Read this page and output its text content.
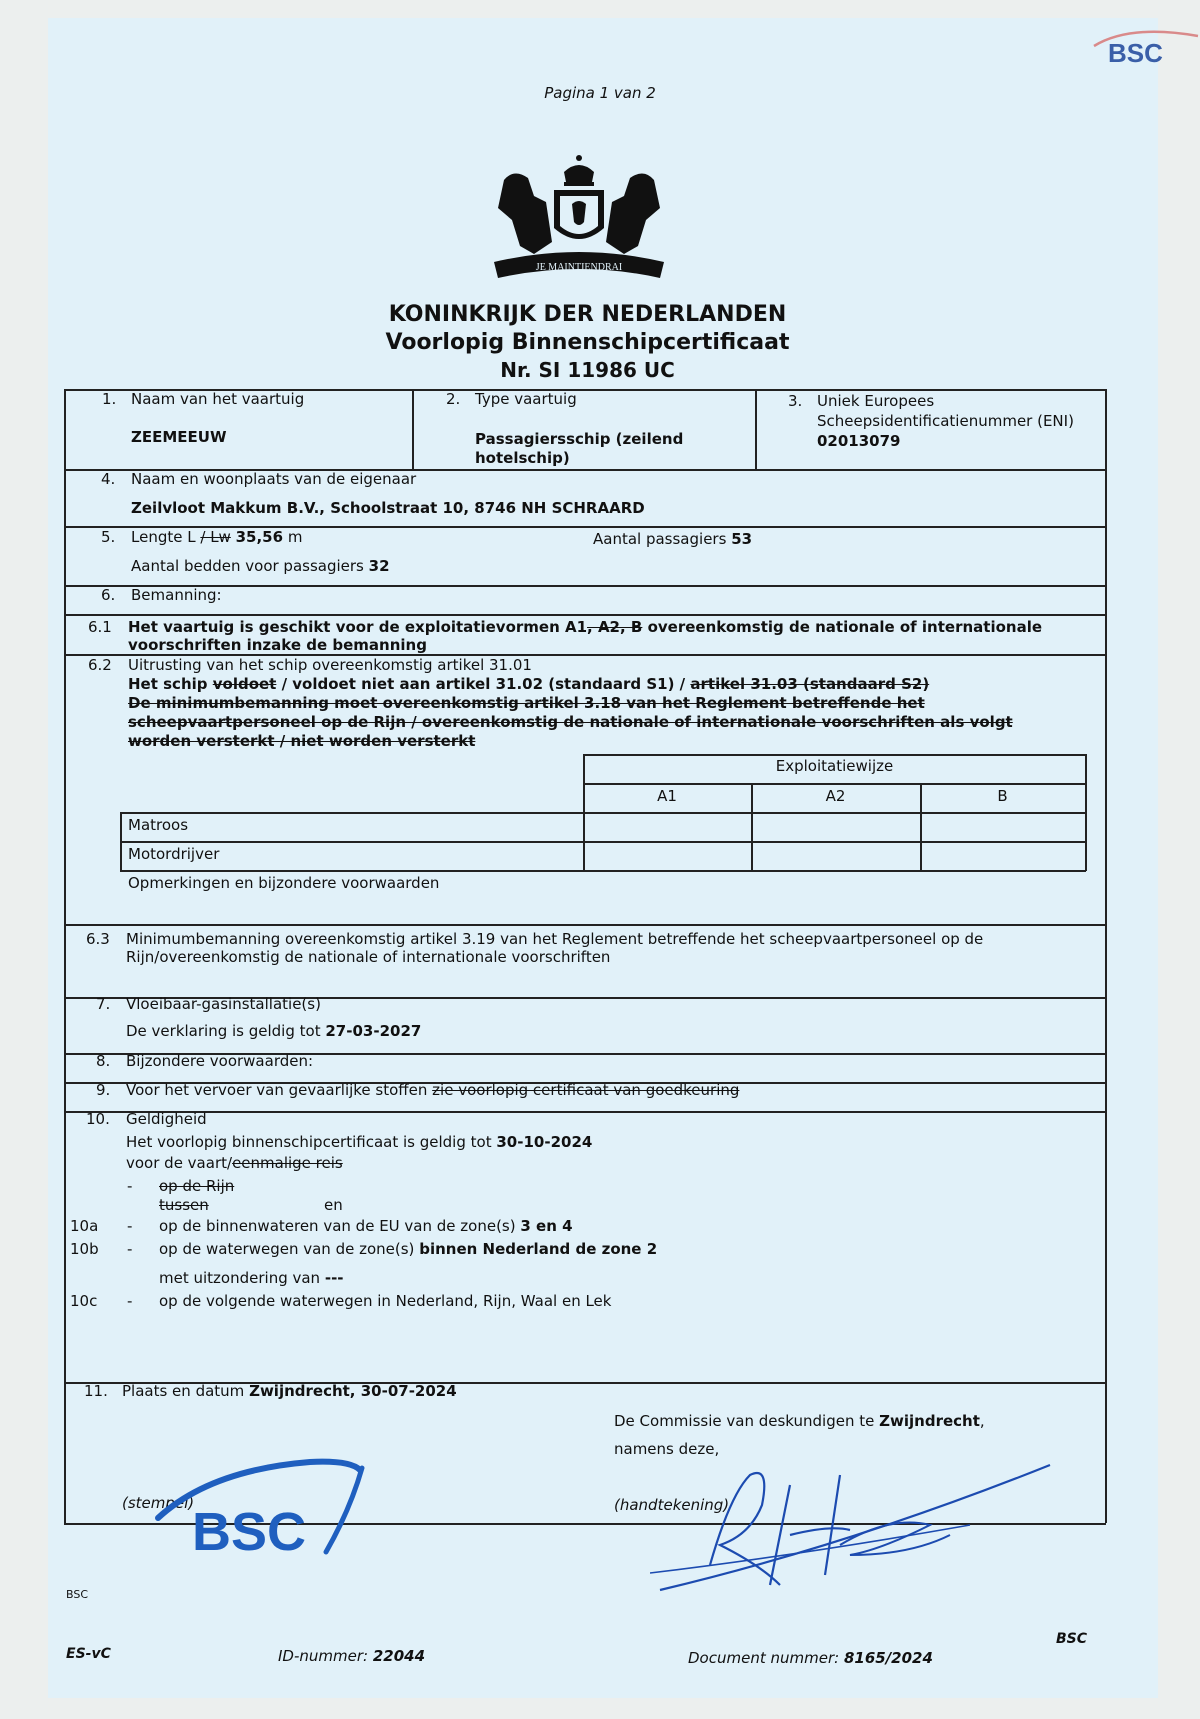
BSC
Pagina 1 van 2
JE MAINTIENDRAI
KONINKRIJK DER NEDERLANDEN
Voorlopig Binnenschipcertificaat
Nr. SI 11986 UC
1. Naam van het vaartuig
ZEEMEEUW
2. Type vaartuig
Passagiersschip (zeilend
hotelschip)
3. Uniek Europees
Scheepsidentificatienummer (ENI)
02013079
4. Naam en woonplaats van de eigenaar
Zeilvloot Makkum B.V., Schoolstraat 10, 8746 NH SCHRAARD
5. Lengte L / Lw 35,56 m	Aantal passagiers 53
Aantal bedden voor passagiers 32
6. Bemanning:
6.1 Het vaartuig is geschikt voor de exploitatievormen A1, A2, B overeenkomstig de nationale of internationale
voorschriften inzake de bemanning
6.2 Uitrusting van het schip overeenkomstig artikel 31.01
Het schip voldoet / voldoet niet aan artikel 31.02 (standaard S1) / artikel 31.03 (standaard S2)
De minimumbemanning moet overeenkomstig artikel 3.18 van het Reglement betreffende het
scheepvaartpersoneel op de Rijn / overeenkomstig de nationale of internationale voorschriften als volgt
worden versterkt / niet worden versterkt
Exploitatiewijze
A1	A2	B
Matroos
Motordrijver
Opmerkingen en bijzondere voorwaarden
6.3 Minimumbemanning overeenkomstig artikel 3.19 van het Reglement betreffende het scheepvaartpersoneel op de
Rijn/overeenkomstig de nationale of internationale voorschriften
7. Vloeibaar-gasinstallatie(s)
De verklaring is geldig tot 27-03-2027
8. Bijzondere voorwaarden:
9. Voor het vervoer van gevaarlijke stoffen zie voorlopig certificaat van goedkeuring
10. Geldigheid
Het voorlopig binnenschipcertificaat is geldig tot 30-10-2024
voor de vaart/eenmalige reis
- op de Rijn
tussen	en
10a - op de binnenwateren van de EU van de zone(s) 3 en 4
10b - op de waterwegen van de zone(s) binnen Nederland de zone 2
met uitzondering van ---
10c - op de volgende waterwegen in Nederland, Rijn, Waal en Lek
11. Plaats en datum Zwijndrecht, 30-07-2024
De Commissie van deskundigen te Zwijndrecht,
namens deze,
(stempel)	(handtekening)
BSC
BSC
ES-vC	ID-nummer: 22044	Document nummer: 8165/2024
BSC
